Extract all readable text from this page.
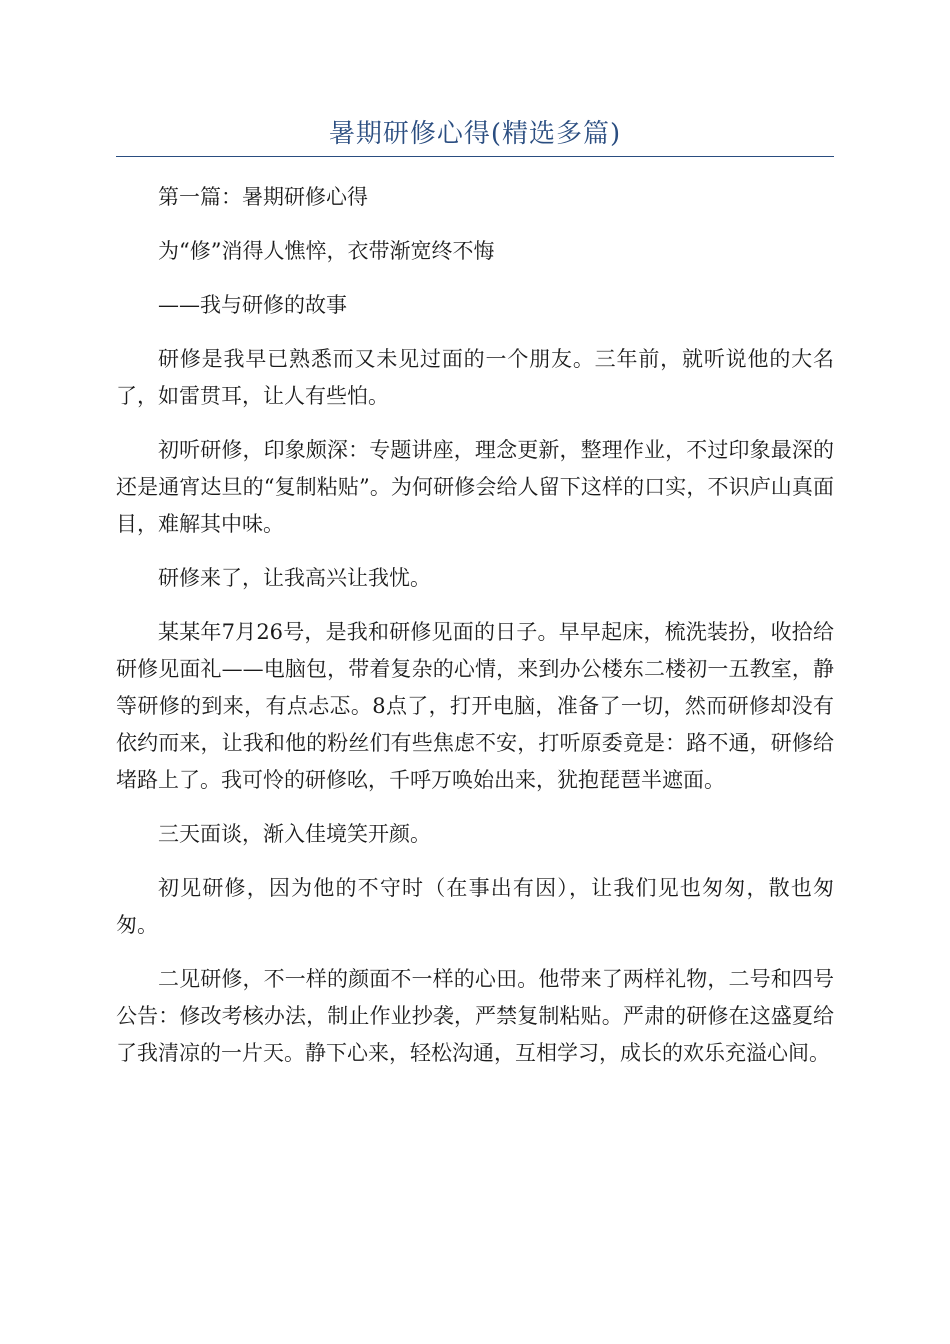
暑期研修心得(精选多篇)

第一篇：暑期研修心得

为“修”消得人憔悴，衣带渐宽终不悔

——我与研修的故事

研修是我早已熟悉而又未见过面的一个朋友。三年前，就听说他的大名了，如雷贯耳，让人有些怕。

初听研修，印象颇深：专题讲座，理念更新，整理作业，不过印象最深的还是通宵达旦的“复制粘贴”。为何研修会给人留下这样的口实，不识庐山真面目，难解其中味。

研修来了，让我高兴让我忧。

某某年7月26号，是我和研修见面的日子。早早起床，梳洗装扮，收拾给研修见面礼——电脑包，带着复杂的心情，来到办公楼东二楼初一五教室，静等研修的到来，有点忐忑。8点了，打开电脑，准备了一切，然而研修却没有依约而来，让我和他的粉丝们有些焦虑不安，打听原委竟是：路不通，研修给堵路上了。我可怜的研修吆，千呼万唤始出来，犹抱琵琶半遮面。

三天面谈，渐入佳境笑开颜。

初见研修，因为他的不守时（在事出有因），让我们见也匆匆，散也匆匆。

二见研修，不一样的颜面不一样的心田。他带来了两样礼物，二号和四号公告：修改考核办法，制止作业抄袭，严禁复制粘贴。严肃的研修在这盛夏给了我清凉的一片天。静下心来，轻松沟通，互相学习，成长的欢乐充溢心间。
